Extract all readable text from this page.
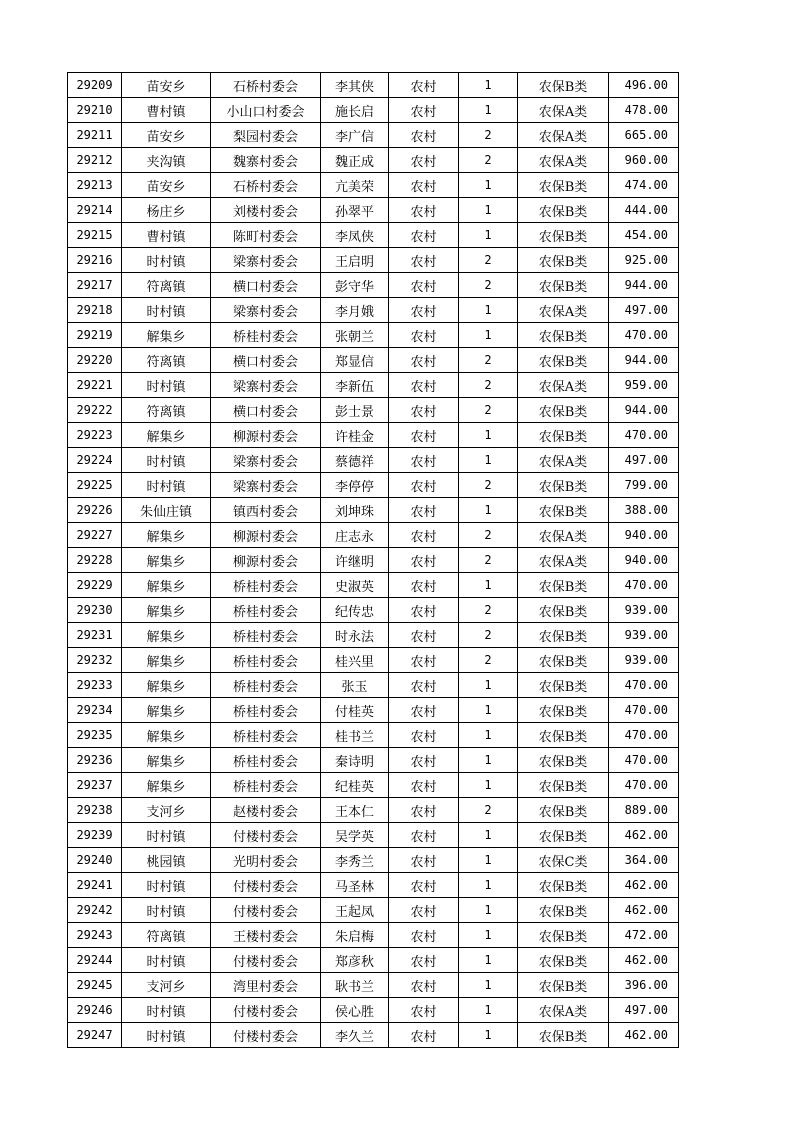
29209	苗安乡	石桥村委会	李其侠	农村	1	农保B类	496.00
29210	曹村镇	小山口村委会	施长启	农村	1	农保A类	478.00
29211	苗安乡	梨园村委会	李广信	农村	2	农保A类	665.00
29212	夹沟镇	魏寨村委会	魏正成	农村	2	农保A类	960.00
29213	苗安乡	石桥村委会	亢美荣	农村	1	农保B类	474.00
29214	杨庄乡	刘楼村委会	孙翠平	农村	1	农保B类	444.00
29215	曹村镇	陈町村委会	李凤侠	农村	1	农保B类	454.00
29216	时村镇	梁寨村委会	王启明	农村	2	农保B类	925.00
29217	符离镇	横口村委会	彭守华	农村	2	农保B类	944.00
29218	时村镇	梁寨村委会	李月娥	农村	1	农保A类	497.00
29219	解集乡	桥桂村委会	张朝兰	农村	1	农保B类	470.00
29220	符离镇	横口村委会	郑显信	农村	2	农保B类	944.00
29221	时村镇	梁寨村委会	李新伍	农村	2	农保A类	959.00
29222	符离镇	横口村委会	彭士景	农村	2	农保B类	944.00
29223	解集乡	柳源村委会	许桂金	农村	1	农保B类	470.00
29224	时村镇	梁寨村委会	蔡德祥	农村	1	农保A类	497.00
29225	时村镇	梁寨村委会	李停停	农村	2	农保B类	799.00
29226	朱仙庄镇	镇西村委会	刘坤珠	农村	1	农保B类	388.00
29227	解集乡	柳源村委会	庄志永	农村	2	农保A类	940.00
29228	解集乡	柳源村委会	许继明	农村	2	农保A类	940.00
29229	解集乡	桥桂村委会	史淑英	农村	1	农保B类	470.00
29230	解集乡	桥桂村委会	纪传忠	农村	2	农保B类	939.00
29231	解集乡	桥桂村委会	时永法	农村	2	农保B类	939.00
29232	解集乡	桥桂村委会	桂兴里	农村	2	农保B类	939.00
29233	解集乡	桥桂村委会	张玉	农村	1	农保B类	470.00
29234	解集乡	桥桂村委会	付桂英	农村	1	农保B类	470.00
29235	解集乡	桥桂村委会	桂书兰	农村	1	农保B类	470.00
29236	解集乡	桥桂村委会	秦诗明	农村	1	农保B类	470.00
29237	解集乡	桥桂村委会	纪桂英	农村	1	农保B类	470.00
29238	支河乡	赵楼村委会	王本仁	农村	2	农保B类	889.00
29239	时村镇	付楼村委会	吴学英	农村	1	农保B类	462.00
29240	桃园镇	光明村委会	李秀兰	农村	1	农保C类	364.00
29241	时村镇	付楼村委会	马圣林	农村	1	农保B类	462.00
29242	时村镇	付楼村委会	王起凤	农村	1	农保B类	462.00
29243	符离镇	王楼村委会	朱启梅	农村	1	农保B类	472.00
29244	时村镇	付楼村委会	郑彦秋	农村	1	农保B类	462.00
29245	支河乡	湾里村委会	耿书兰	农村	1	农保B类	396.00
29246	时村镇	付楼村委会	侯心胜	农村	1	农保A类	497.00
29247	时村镇	付楼村委会	李久兰	农村	1	农保B类	462.00
